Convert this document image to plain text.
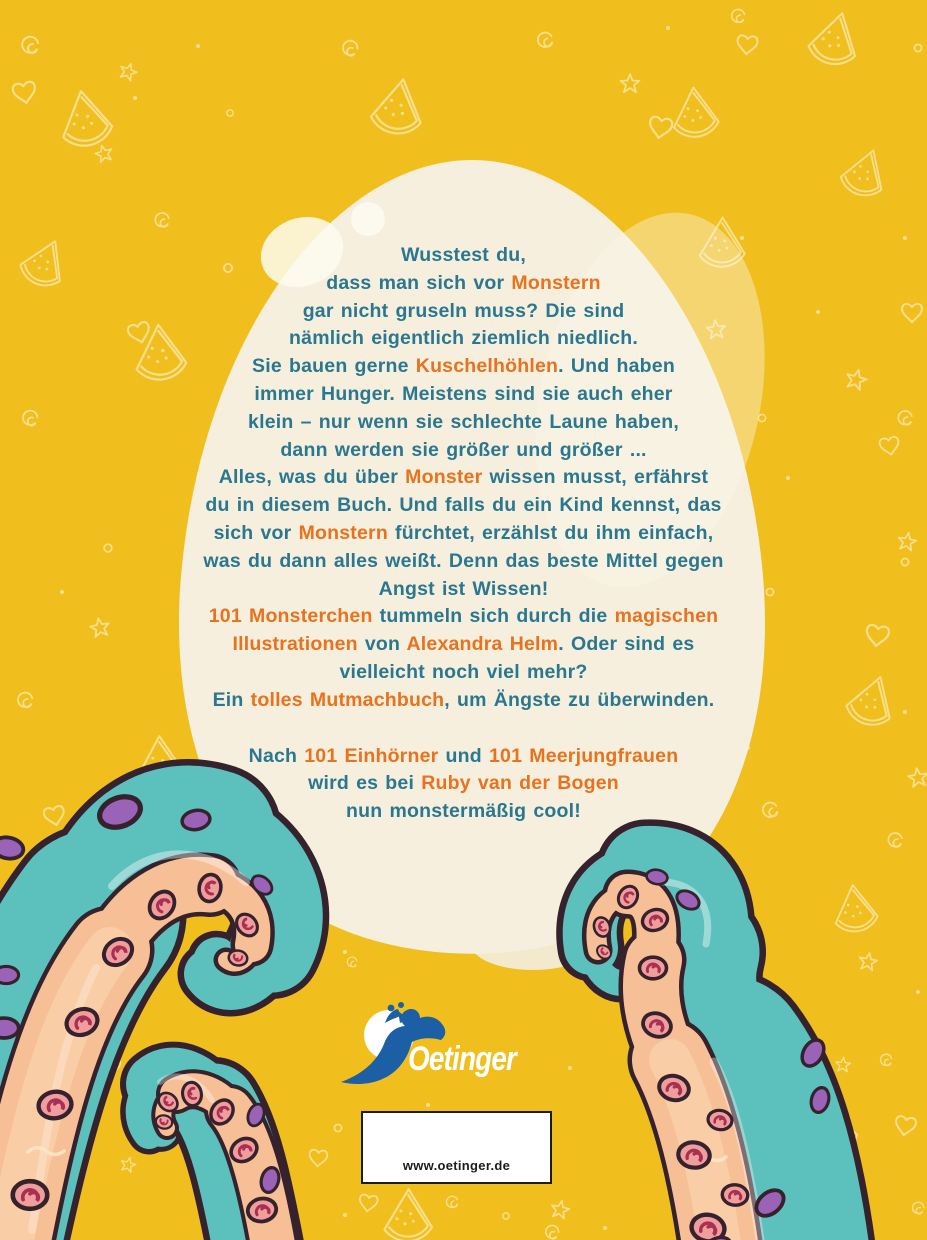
Wusstest du,
dass man sich vor Monstern
gar nicht gruseln muss? Die sind
nämlich eigentlich ziemlich niedlich.
Sie bauen gerne Kuschelhöhlen. Und haben
immer Hunger. Meistens sind sie auch eher
klein – nur wenn sie schlechte Laune haben,
dann werden sie größer und größer ...
Alles, was du über Monster wissen musst, erfährst
du in diesem Buch. Und falls du ein Kind kennst, das
sich vor Monstern fürchtet, erzählst du ihm einfach,
was du dann alles weißt. Denn das beste Mittel gegen
Angst ist Wissen!
101 Monsterchen tummeln sich durch die magischen
Illustrationen von Alexandra Helm. Oder sind es
vielleicht noch viel mehr?
Ein tolles Mutmachbuch, um Ängste zu überwinden.
Nach 101 Einhörner und 101 Meerjungfrauen
wird es bei Ruby van der Bogen
nun monstermäßig cool!
Oetinger
www.oetinger.de
